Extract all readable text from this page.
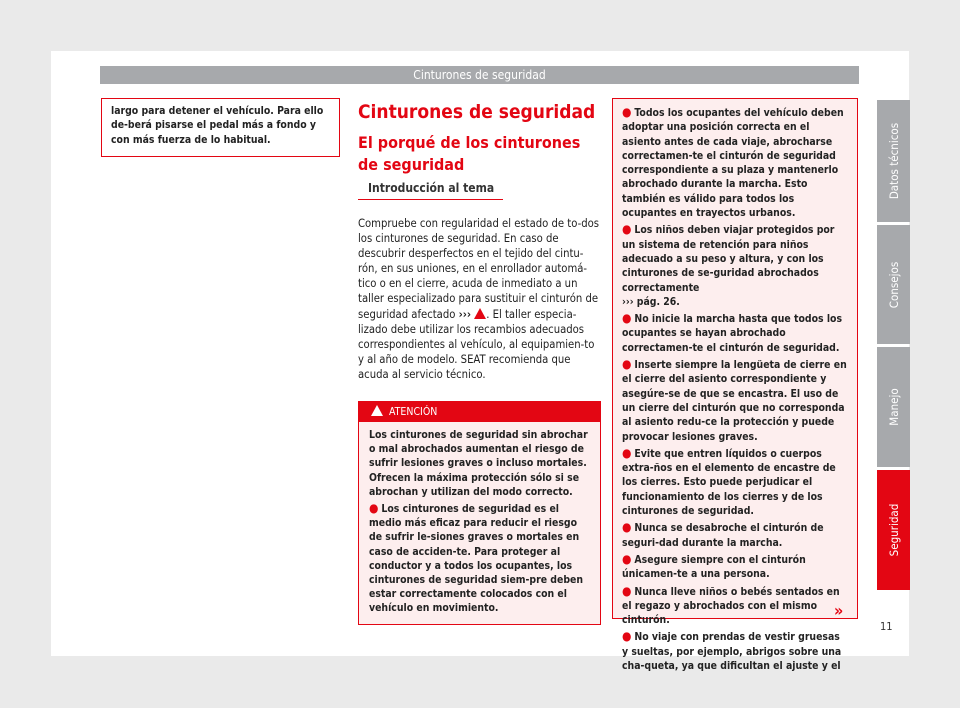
Cinturones de seguridad
largo para detener el vehículo. Para ello de-berá pisarse el pedal más a fondo y con más fuerza de lo habitual.
Cinturones de seguridad
El porqué de los cinturones de seguridad
Introducción al tema
Compruebe con regularidad el estado de to-dos los cinturones de seguridad. En caso de descubrir desperfectos en el tejido del cintu-rón, en sus uniones, en el enrollador automá-tico o en el cierre, acuda de inmediato a un taller especializado para sustituir el cinturón de seguridad afectado ››› . El taller especia-lizado debe utilizar los recambios adecuados correspondientes al vehículo, al equipamien-to y al año de modelo. SEAT recomienda que acuda al servicio técnico.
ATENCIÓN
Los cinturones de seguridad sin abrochar o mal abrochados aumentan el riesgo de sufrir lesiones graves o incluso mortales. Ofrecen la máxima protección sólo si se abrochan y utilizan del modo correcto.
● Los cinturones de seguridad es el medio más eficaz para reducir el riesgo de sufrir le-siones graves o mortales en caso de acciden-te. Para proteger al conductor y a todos los ocupantes, los cinturones de seguridad siem-pre deben estar correctamente colocados con el vehículo en movimiento.
● Todos los ocupantes del vehículo deben adoptar una posición correcta en el asiento antes de cada viaje, abrocharse correctamen-te el cinturón de seguridad correspondiente a su plaza y mantenerlo abrochado durante la marcha. Esto también es válido para todos los ocupantes en trayectos urbanos.
● Los niños deben viajar protegidos por un sistema de retención para niños adecuado a su peso y altura, y con los cinturones de se-guridad abrochados correctamente
››› pág. 26.
● No inicie la marcha hasta que todos los ocupantes se hayan abrochado correctamen-te el cinturón de seguridad.
● Inserte siempre la lengüeta de cierre en el cierre del asiento correspondiente y asegúre-se de que se encastra. El uso de un cierre del cinturón que no corresponda al asiento redu-ce la protección y puede provocar lesiones graves.
● Evite que entren líquidos o cuerpos extra-ños en el elemento de encastre de los cierres. Esto puede perjudicar el funcionamiento de los cierres y de los cinturones de seguridad.
● Nunca se desabroche el cinturón de seguri-dad durante la marcha.
● Asegure siempre con el cinturón únicamen-te a una persona.
● Nunca lleve niños o bebés sentados en el regazo y abrochados con el mismo cinturón.
● No viaje con prendas de vestir gruesas y sueltas, por ejemplo, abrigos sobre una cha-queta, ya que dificultan el ajuste y el
»
Datos técnicos
Consejos
Manejo
Seguridad
11
